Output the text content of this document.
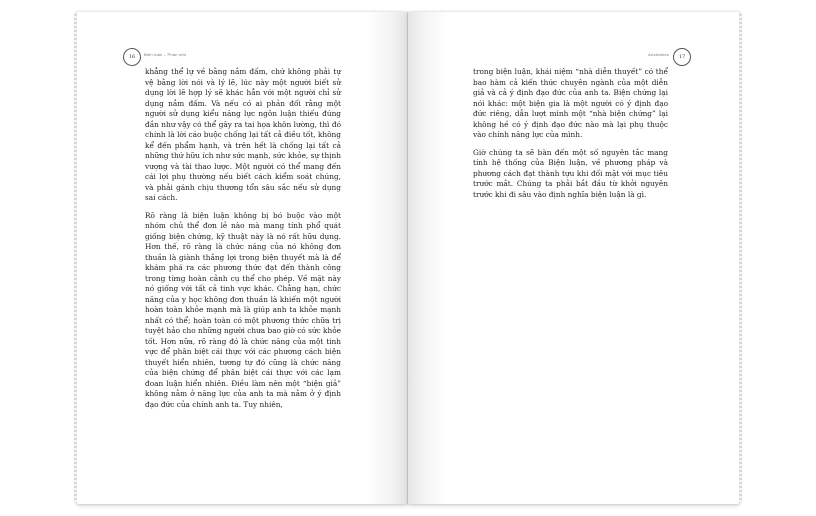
16	Biện luận – Phần một

khẳng thể lự về bằng nắm đấm, chứ không phải tự vệ bằng lời nói và lý lẽ, lúc này một người biết sử dụng lời lẽ hợp lý sẽ khác hẳn với một người chỉ sử dụng nắm đấm. Và nếu có ai phản đối rằng một người sử dụng kiểu năng lực ngôn luận thiếu đúng đắn như vậy có thể gây ra tai họa khôn lường, thì đó chính là lời cáo buộc chống lại tất cả điều tốt, không kể đến phẩm hạnh, và trên hết là chống lại tất cả những thứ hữu ích như sức mạnh, sức khỏe, sự thịnh vượng và tài thao lược. Một người có thể mang đến cái lợi phụ thường nếu biết cách kiểm soát chúng, và phải gánh chịu thương tổn sâu sắc nếu sử dụng sai cách.

Rõ ràng là biện luận không bị bó buộc vào một nhóm chủ thể đơn lẻ nào mà mang tính phổ quát giống biện chứng, kỹ thuật này là nó rất hữu dụng. Hơn thế, rõ ràng là chức năng của nó không đơn thuần là giành thắng lợi trong biện thuyết mà là để khám phá ra các phương thức đạt đến thành công trong từng hoàn cảnh cụ thể cho phép. Về mặt này nó giống với tất cả tinh vực khác. Chẳng hạn, chức năng của y học không đơn thuần là khiến một người hoàn toàn khỏe mạnh mà là giúp anh ta khỏe mạnh nhất có thể; hoàn toàn có một phương thức chữa trị tuyệt hảo cho những người chưa bao giờ có sức khỏe tốt. Hơn nữa, rõ ràng đó là chức năng của một tinh vực để phân biệt cái thực với các phương cách biện thuyết hiển nhiên, tương tự đó cũng là chức năng của biện chứng để phân biệt cái thực với các lạm đoan luận hiển nhiên. Điều làm nên một “biện giả” không nằm ở năng lực của anh ta mà nằm ở ý định đạo đức của chính anh ta. Tuy nhiên,

17
Aristoteles

trong biện luận, khái niệm “nhà diễn thuyết” có thể bao hàm cả kiến thức chuyên ngành của một diễn giả và cả ý định đạo đức của anh ta. Biện chứng lại nói khác: một biện gia là một người có ý định đạo đức riêng, dẫn lượt mình một “nhà biện chứng” lại không hề có ý định đạo đức nào mà lại phụ thuộc vào chính năng lực của mình.

Giờ chúng ta sẽ bàn đến một số nguyên tắc mang tính hệ thống của Biện luận, về phương pháp và phương cách đạt thành tựu khi đối mặt với mục tiêu trước mắt. Chúng ta phải bắt đầu từ khởi nguyên trước khi đi sâu vào định nghĩa biện luận là gì.
